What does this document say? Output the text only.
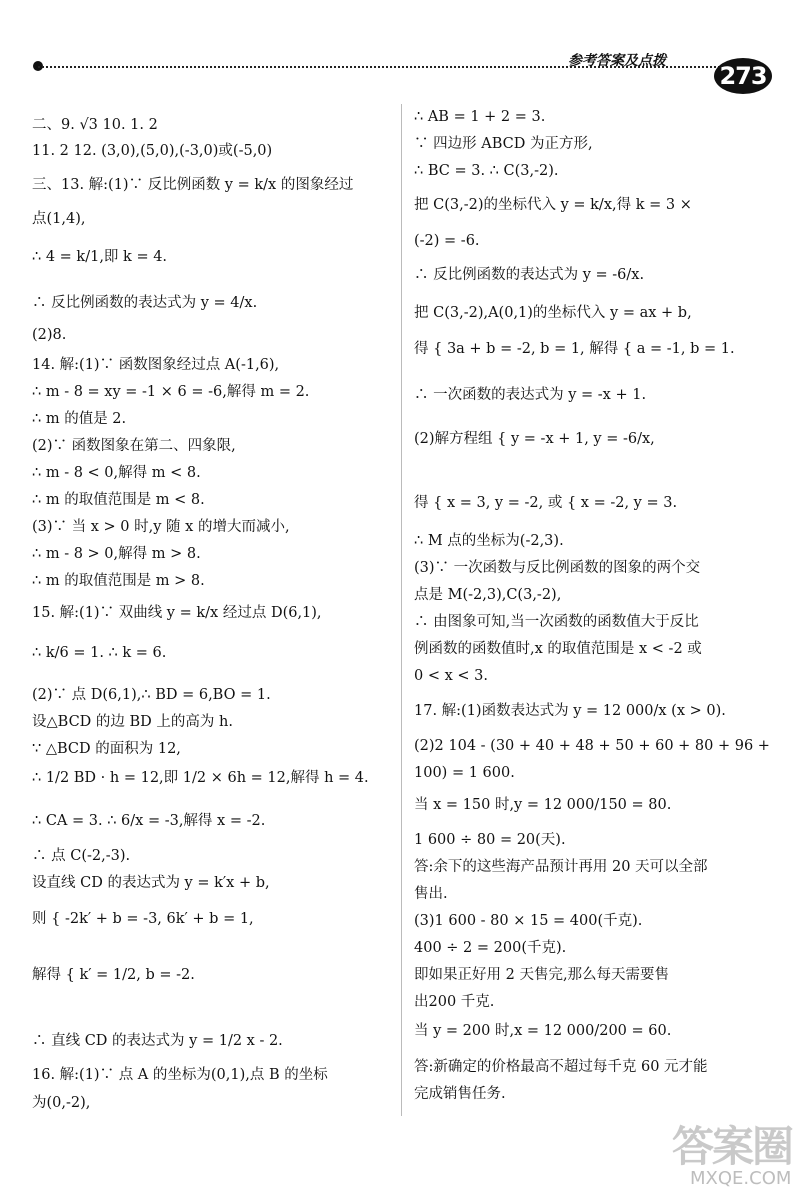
参考答案及点拨
273
二、9. √3 10. 1. 2
11. 2 12. (3,0),(5,0),(-3,0)或(-5,0)
三、13. 解:(1)∵ 反比例函数 y = k/x 的图象经过
点(1,4),
∴ 4 = k/1,即 k = 4.
∴ 反比例函数的表达式为 y = 4/x.
(2)8.
14. 解:(1)∵ 函数图象经过点 A(-1,6),
∴ m - 8 = xy = -1 × 6 = -6,解得 m = 2.
∴ m 的值是 2.
(2)∵ 函数图象在第二、四象限,
∴ m - 8 < 0,解得 m < 8.
∴ m 的取值范围是 m < 8.
(3)∵ 当 x > 0 时,y 随 x 的增大而减小,
∴ m - 8 > 0,解得 m > 8.
∴ m 的取值范围是 m > 8.
15. 解:(1)∵ 双曲线 y = k/x 经过点 D(6,1),
∴ k/6 = 1. ∴ k = 6.
(2)∵ 点 D(6,1),∴ BD = 6,BO = 1.
设△BCD 的边 BD 上的高为 h.
∵ △BCD 的面积为 12,
∴ 1/2 BD · h = 12,即 1/2 × 6h = 12,解得 h = 4.
∴ CA = 3. ∴ 6/x = -3,解得 x = -2.
∴ 点 C(-2,-3).
设直线 CD 的表达式为 y = k′x + b,
则 { -2k′ + b = -3, 6k′ + b = 1,
解得 { k′ = 1/2, b = -2.
∴ 直线 CD 的表达式为 y = 1/2 x - 2.
16. 解:(1)∵ 点 A 的坐标为(0,1),点 B 的坐标
为(0,-2),
∴ AB = 1 + 2 = 3.
∵ 四边形 ABCD 为正方形,
∴ BC = 3. ∴ C(3,-2).
把 C(3,-2)的坐标代入 y = k/x,得 k = 3 ×
(-2) = -6.
∴ 反比例函数的表达式为 y = -6/x.
把 C(3,-2),A(0,1)的坐标代入 y = ax + b,
得 { 3a + b = -2, b = 1, 解得 { a = -1, b = 1.
∴ 一次函数的表达式为 y = -x + 1.
(2)解方程组 { y = -x + 1, y = -6/x,
得 { x = 3, y = -2, 或 { x = -2, y = 3.
∴ M 点的坐标为(-2,3).
(3)∵ 一次函数与反比例函数的图象的两个交
点是 M(-2,3),C(3,-2),
∴ 由图象可知,当一次函数的函数值大于反比
例函数的函数值时,x 的取值范围是 x < -2 或
0 < x < 3.
17. 解:(1)函数表达式为 y = 12 000/x (x > 0).
(2)2 104 - (30 + 40 + 48 + 50 + 60 + 80 + 96 +
100) = 1 600.
当 x = 150 时,y = 12 000/150 = 80.
1 600 ÷ 80 = 20(天).
答:余下的这些海产品预计再用 20 天可以全部
售出.
(3)1 600 - 80 × 15 = 400(千克).
400 ÷ 2 = 200(千克).
即如果正好用 2 天售完,那么每天需要售
出200 千克.
当 y = 200 时,x = 12 000/200 = 60.
答:新确定的价格最高不超过每千克 60 元才能
完成销售任务.
答案圈
MXQE.COM
